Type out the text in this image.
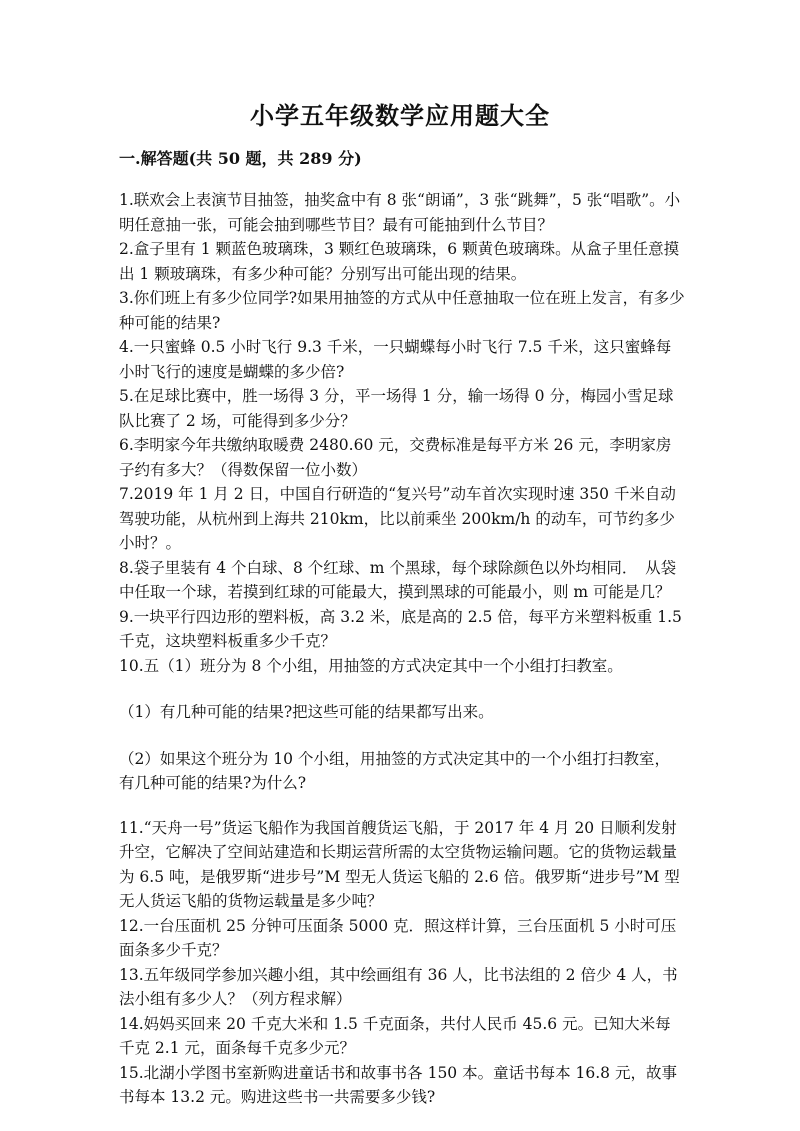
小学五年级数学应用题大全
一.解答题(共 50 题，共 289 分)

1.联欢会上表演节目抽签，抽奖盒中有 8 张“朗诵”，3 张“跳舞”，5 张“唱歌”。小明任意抽一张，可能会抽到哪些节目？最有可能抽到什么节目？

2.盒子里有 1 颗蓝色玻璃珠，3 颗红色玻璃珠，6 颗黄色玻璃珠。从盒子里任意摸出 1 颗玻璃珠，有多少种可能？分别写出可能出现的结果。

3.你们班上有多少位同学?如果用抽签的方式从中任意抽取一位在班上发言，有多少种可能的结果?

4.一只蜜蜂 0.5 小时飞行 9.3 千米，一只蝴蝶每小时飞行 7.5 千米，这只蜜蜂每小时飞行的速度是蝴蝶的多少倍?

5.在足球比赛中，胜一场得 3 分，平一场得 1 分，输一场得 0 分，梅园小雪足球队比赛了 2 场，可能得到多少分？

6.李明家今年共缴纳取暖费 2480.60 元，交费标准是每平方米 26 元，李明家房子约有多大？（得数保留一位小数）

7.2019 年 1 月 2 日，中国自行研造的“复兴号”动车首次实现时速 350 千米自动驾驶功能，从杭州到上海共 210km，比以前乘坐 200km/h 的动车，可节约多少小时？。

8.袋子里装有 4 个白球、8 个红球、m 个黑球，每个球除颜色以外均相同．　从袋中任取一个球，若摸到红球的可能最大，摸到黑球的可能最小，则 m 可能是几？

9.一块平行四边形的塑料板，高 3.2 米，底是高的 2.5 倍，每平方米塑料板重 1.5 千克，这块塑料板重多少千克？

10.五（1）班分为 8 个小组，用抽签的方式决定其中一个小组打扫教室。

（1）有几种可能的结果?把这些可能的结果都写出来。

（2）如果这个班分为 10 个小组，用抽签的方式决定其中的一个小组打扫教室，有几种可能的结果?为什么?

11.“天舟一号”货运飞船作为我国首艘货运飞船，于 2017 年 4 月 20 日顺利发射升空，它解决了空间站建造和长期运营所需的太空货物运输问题。它的货物运载量为 6.5 吨，是俄罗斯“进步号”M 型无人货运飞船的 2.6 倍。俄罗斯“进步号”M 型无人货运飞船的货物运载量是多少吨？

12.一台压面机 25 分钟可压面条 5000 克．照这样计算，三台压面机 5 小时可压面条多少千克？

13.五年级同学参加兴趣小组，其中绘画组有 36 人，比书法组的 2 倍少 4 人，书法小组有多少人？（列方程求解）

14.妈妈买回来 20 千克大米和 1.5 千克面条，共付人民币 45.6 元。已知大米每千克 2.1 元，面条每千克多少元？

15.北湖小学图书室新购进童话书和故事书各 150 本。童话书每本 16.8 元，故事书每本 13.2 元。购进这些书一共需要多少钱?
